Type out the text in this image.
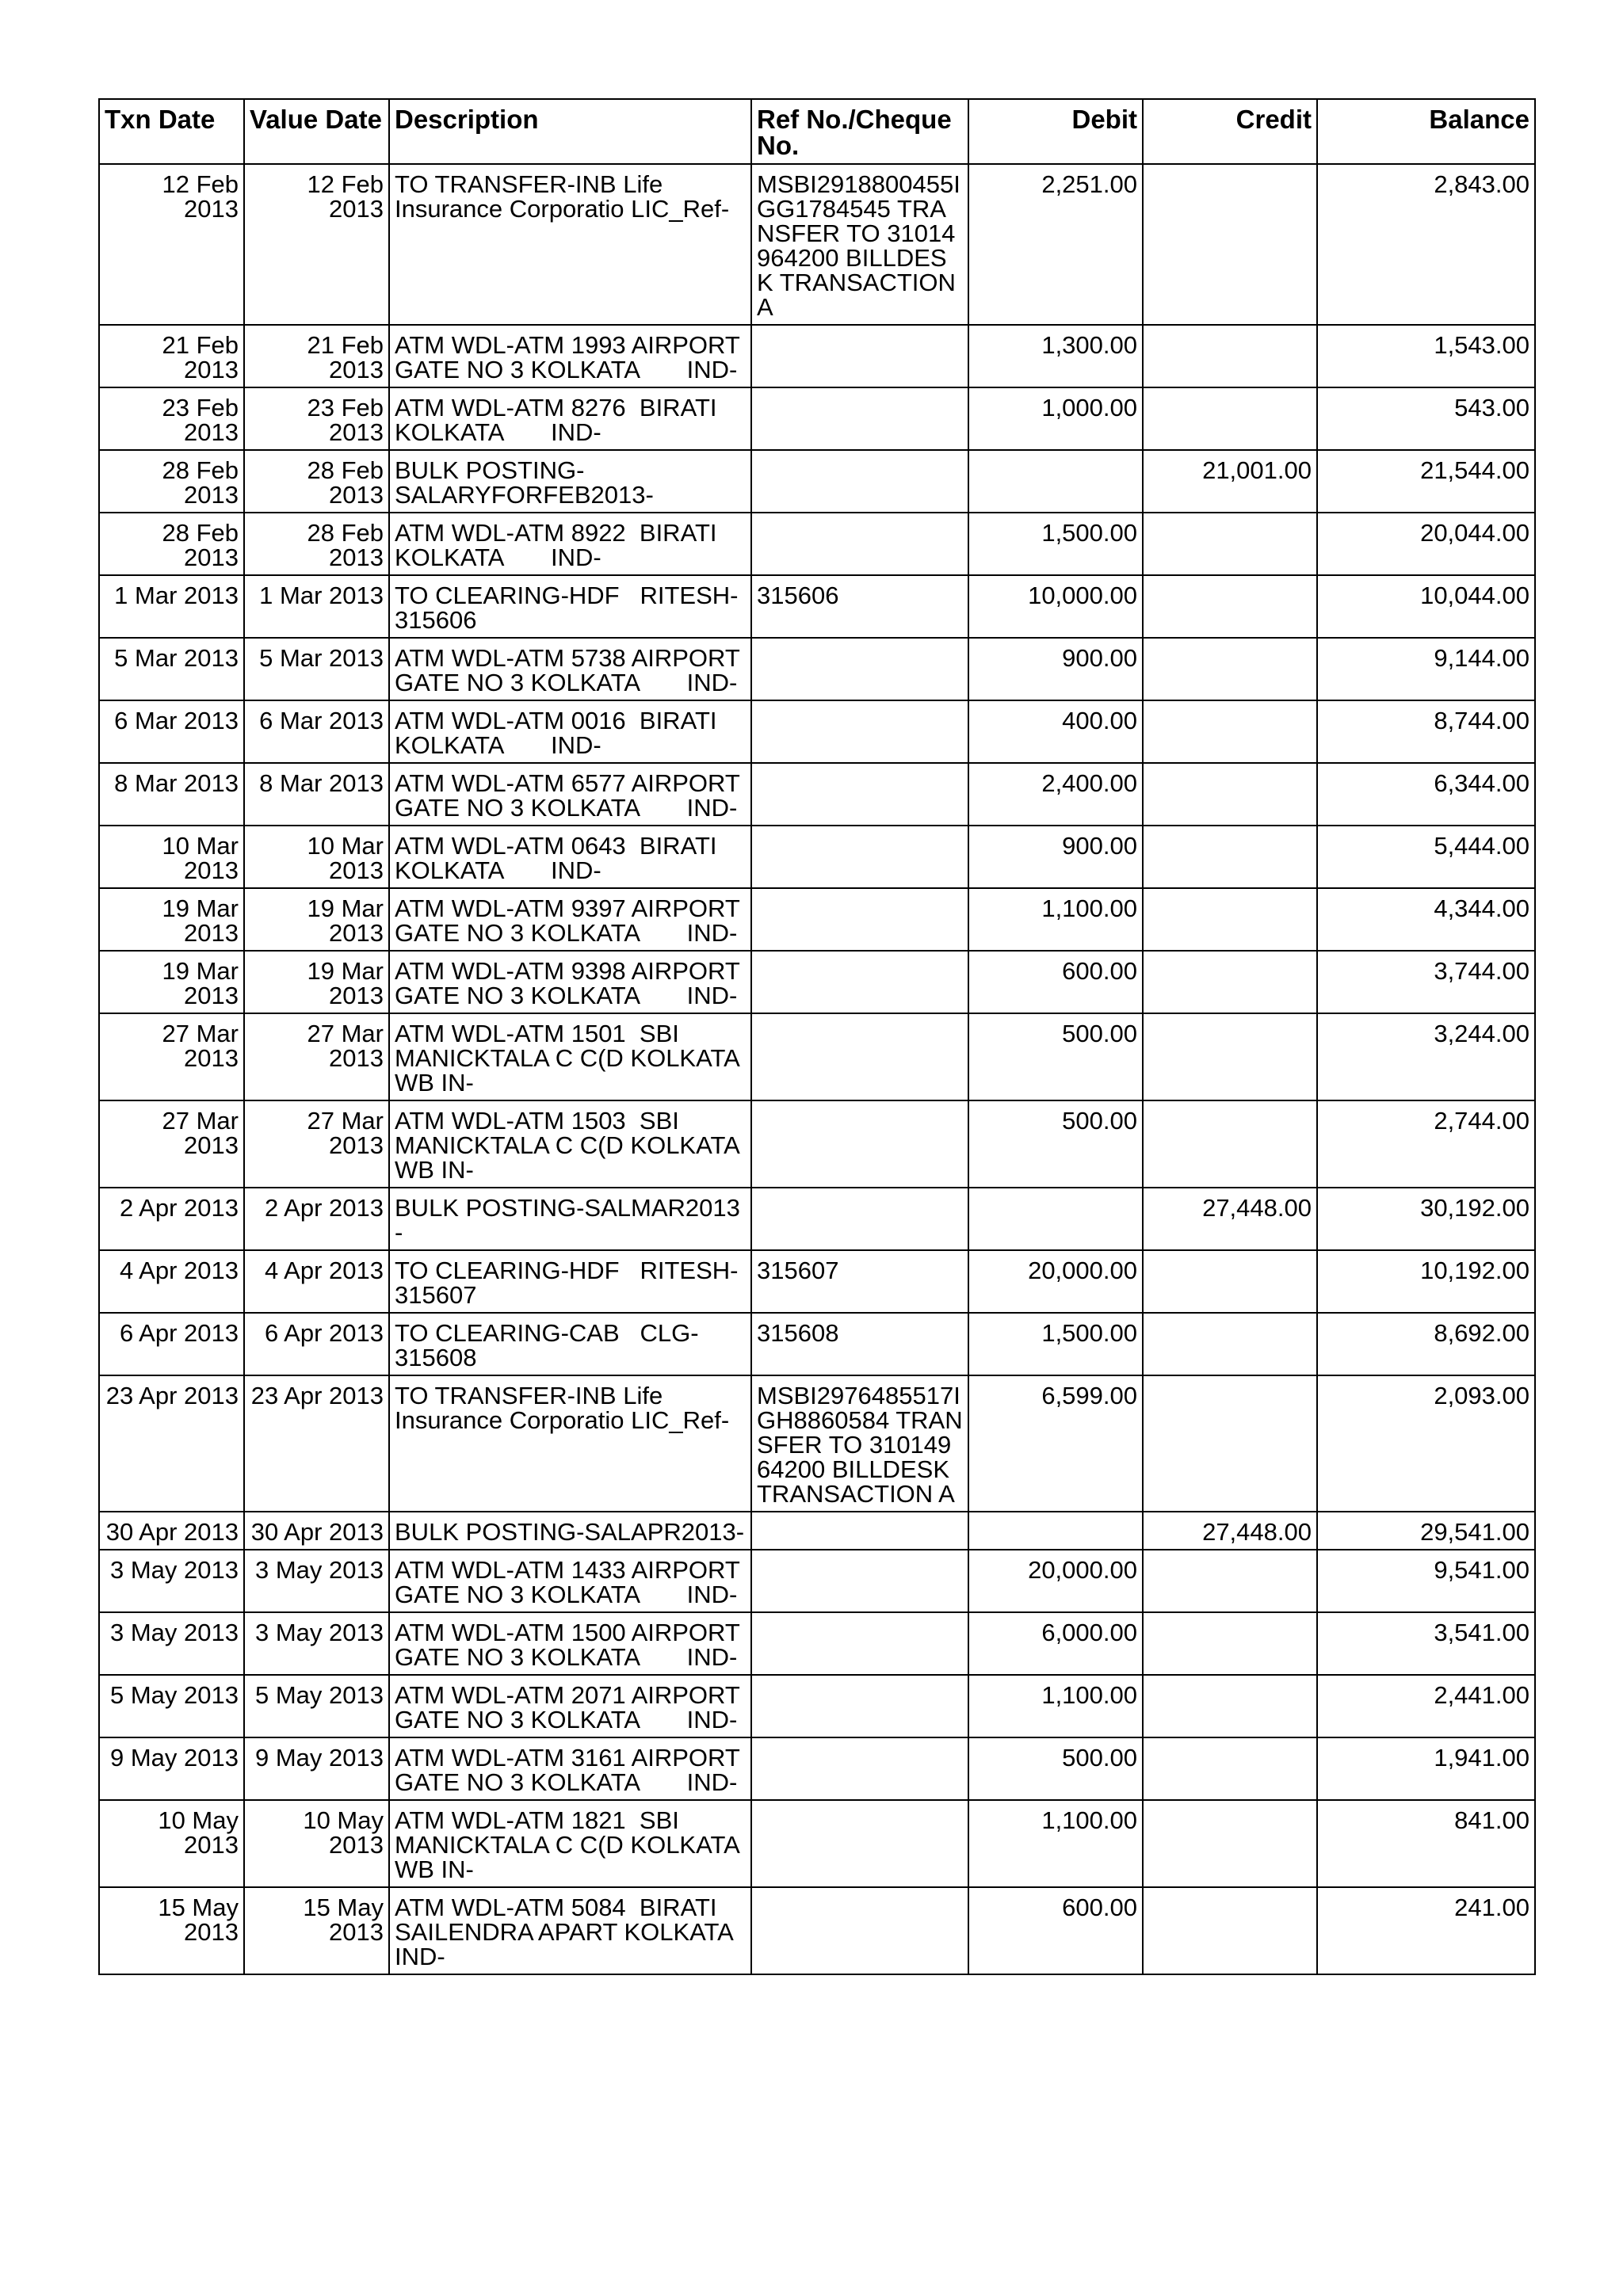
Txn Date	Value Date	Description	Ref No./Cheque No.	Debit	Credit	Balance
12 Feb 2013	12 Feb 2013	TO TRANSFER-INB Life Insurance Corporatio LIC_Ref-	MSBI2918800455IGG1784545 TRANSFER TO 31014964200 BILLDESK TRANSACTION A	2,251.00		2,843.00
21 Feb 2013	21 Feb 2013	ATM WDL-ATM 1993 AIRPORT GATE NO 3 KOLKATA       IND-		1,300.00		1,543.00
23 Feb 2013	23 Feb 2013	ATM WDL-ATM 8276  BIRATI KOLKATA       IND-		1,000.00		543.00
28 Feb 2013	28 Feb 2013	BULK POSTING-SALARYFORFEB2013-			21,001.00	21,544.00
28 Feb 2013	28 Feb 2013	ATM WDL-ATM 8922  BIRATI KOLKATA       IND-		1,500.00		20,044.00
1 Mar 2013	1 Mar 2013	TO CLEARING-HDF   RITESH-315606	315606	10,000.00		10,044.00
5 Mar 2013	5 Mar 2013	ATM WDL-ATM 5738 AIRPORT GATE NO 3 KOLKATA       IND-		900.00		9,144.00
6 Mar 2013	6 Mar 2013	ATM WDL-ATM 0016  BIRATI KOLKATA       IND-		400.00		8,744.00
8 Mar 2013	8 Mar 2013	ATM WDL-ATM 6577 AIRPORT GATE NO 3 KOLKATA       IND-		2,400.00		6,344.00
10 Mar 2013	10 Mar 2013	ATM WDL-ATM 0643  BIRATI KOLKATA       IND-		900.00		5,444.00
19 Mar 2013	19 Mar 2013	ATM WDL-ATM 9397 AIRPORT GATE NO 3 KOLKATA       IND-		1,100.00		4,344.00
19 Mar 2013	19 Mar 2013	ATM WDL-ATM 9398 AIRPORT GATE NO 3 KOLKATA       IND-		600.00		3,744.00
27 Mar 2013	27 Mar 2013	ATM WDL-ATM 1501  SBI MANICKTALA C C(D KOLKATA      WB IN-		500.00		3,244.00
27 Mar 2013	27 Mar 2013	ATM WDL-ATM 1503  SBI MANICKTALA C C(D KOLKATA      WB IN-		500.00		2,744.00
2 Apr 2013	2 Apr 2013	BULK POSTING-SALMAR2013 -			27,448.00	30,192.00
4 Apr 2013	4 Apr 2013	TO CLEARING-HDF   RITESH-315607	315607	20,000.00		10,192.00
6 Apr 2013	6 Apr 2013	TO CLEARING-CAB   CLG-315608	315608	1,500.00		8,692.00
23 Apr 2013	23 Apr 2013	TO TRANSFER-INB Life Insurance Corporatio LIC_Ref-	MSBI2976485517IGH8860584 TRANSFER TO 31014964200 BILLDESK TRANSACTION A	6,599.00		2,093.00
30 Apr 2013	30 Apr 2013	BULK POSTING-SALAPR2013-			27,448.00	29,541.00
3 May 2013	3 May 2013	ATM WDL-ATM 1433 AIRPORT GATE NO 3 KOLKATA       IND-		20,000.00		9,541.00
3 May 2013	3 May 2013	ATM WDL-ATM 1500 AIRPORT GATE NO 3 KOLKATA       IND-		6,000.00		3,541.00
5 May 2013	5 May 2013	ATM WDL-ATM 2071 AIRPORT GATE NO 3 KOLKATA       IND-		1,100.00		2,441.00
9 May 2013	9 May 2013	ATM WDL-ATM 3161 AIRPORT GATE NO 3 KOLKATA       IND-		500.00		1,941.00
10 May 2013	10 May 2013	ATM WDL-ATM 1821  SBI MANICKTALA C C(D KOLKATA      WB IN-		1,100.00		841.00
15 May 2013	15 May 2013	ATM WDL-ATM 5084  BIRATI SAILENDRA APART KOLKATA IND-		600.00		241.00
